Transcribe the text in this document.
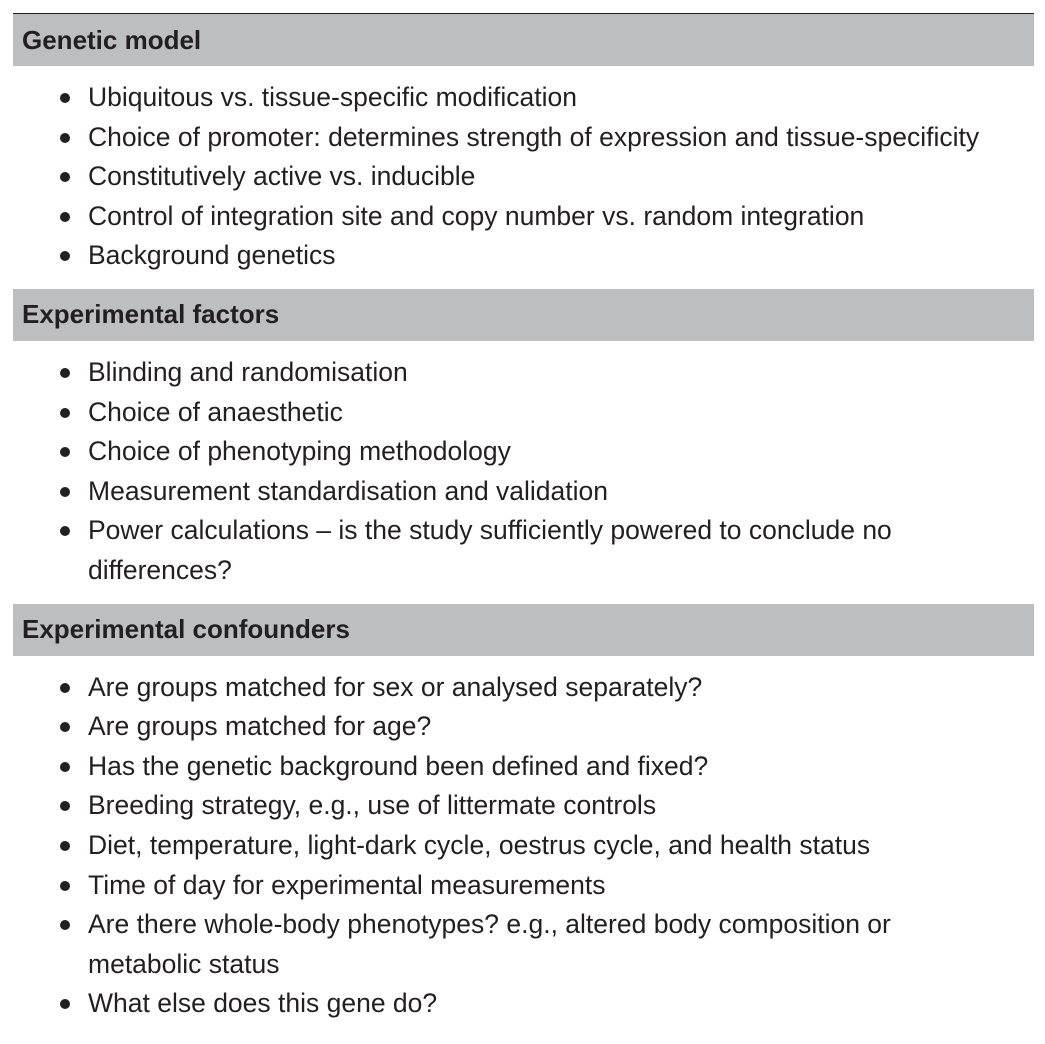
Genetic model
Ubiquitous vs. tissue-specific modification
Choice of promoter: determines strength of expression and tissue-specificity
Constitutively active vs. inducible
Control of integration site and copy number vs. random integration
Background genetics
Experimental factors
Blinding and randomisation
Choice of anaesthetic
Choice of phenotyping methodology
Measurement standardisation and validation
Power calculations – is the study sufficiently powered to conclude no differences?
Experimental confounders
Are groups matched for sex or analysed separately?
Are groups matched for age?
Has the genetic background been defined and fixed?
Breeding strategy, e.g., use of littermate controls
Diet, temperature, light-dark cycle, oestrus cycle, and health status
Time of day for experimental measurements
Are there whole-body phenotypes? e.g., altered body composition or metabolic status
What else does this gene do?
